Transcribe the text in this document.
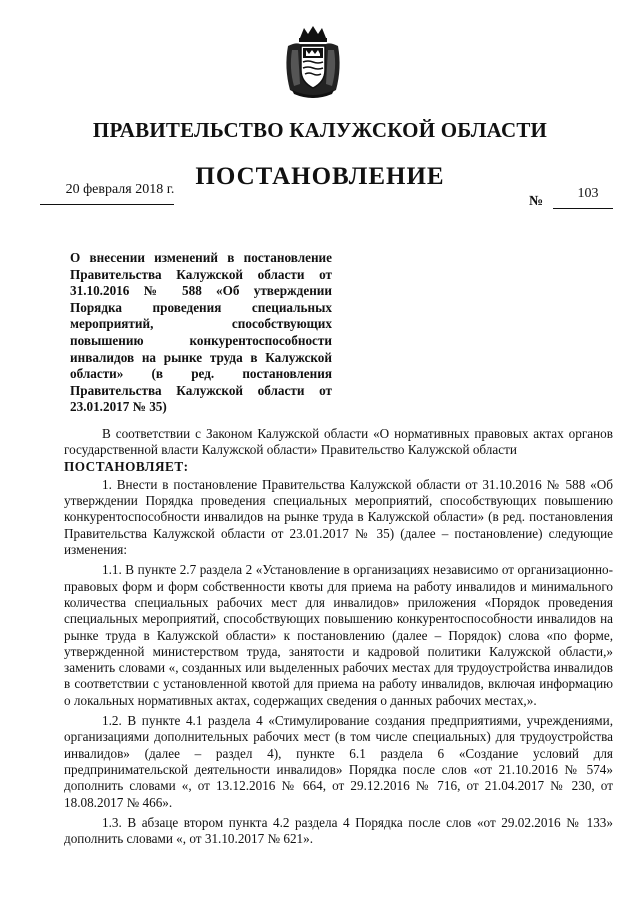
ПРАВИТЕЛЬСТВО КАЛУЖСКОЙ ОБЛАСТИ
ПОСТАНОВЛЕНИЕ
20 февраля 2018 г.
№
103
О внесении изменений в постановление Правительства Калужской области от 31.10.2016 № 588 «Об утверждении Порядка проведения специальных мероприятий, способствующих повышению конкурентоспособности инвалидов на рынке труда в Калужской области» (в ред. постановления Правительства Калужской области от 23.01.2017 № 35)

В соответствии с Законом Калужской области «О нормативных правовых актах органов государственной власти Калужской области» Правительство Калужской области
ПОСТАНОВЛЯЕТ:

1. Внести в постановление Правительства Калужской области от 31.10.2016 № 588 «Об утверждении Порядка проведения специальных мероприятий, способствующих повышению конкурентоспособности инвалидов на рынке труда в Калужской области» (в ред. постановления Правительства Калужской области от 23.01.2017 № 35) (далее – постановление) следующие изменения:

1.1. В пункте 2.7 раздела 2 «Установление в организациях независимо от организационно-правовых форм и форм собственности квоты для приема на работу инвалидов и минимального количества специальных рабочих мест для инвалидов» приложения «Порядок проведения специальных мероприятий, способствующих повышению конкурентоспособности инвалидов на рынке труда в Калужской области» к постановлению (далее – Порядок) слова «по форме, утвержденной министерством труда, занятости и кадровой политики Калужской области,» заменить словами «, созданных или выделенных рабочих местах для трудоустройства инвалидов в соответствии с установленной квотой для приема на работу инвалидов, включая информацию о локальных нормативных актах, содержащих сведения о данных рабочих местах,».

1.2. В пункте 4.1 раздела 4 «Стимулирование создания предприятиями, учреждениями, организациями дополнительных рабочих мест (в том числе специальных) для трудоустройства инвалидов» (далее – раздел 4), пункте 6.1 раздела 6 «Создание условий для предпринимательской деятельности инвалидов» Порядка после слов «от 21.10.2016 № 574» дополнить словами «, от 13.12.2016 № 664, от 29.12.2016 № 716, от 21.04.2017 № 230, от 18.08.2017 № 466».

1.3. В абзаце втором пункта 4.2 раздела 4 Порядка после слов «от 29.02.2016 № 133» дополнить словами «, от 31.10.2017 № 621».
